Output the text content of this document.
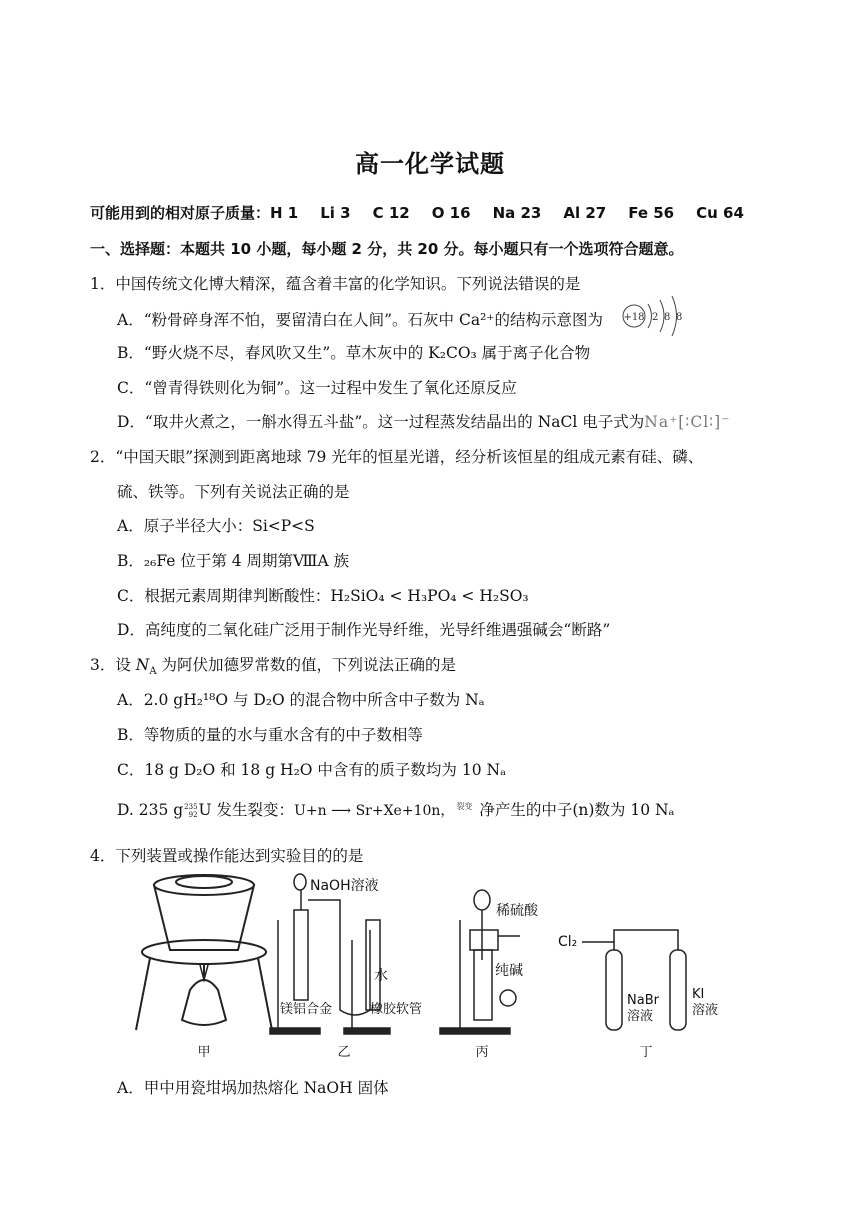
高一化学试题
可能用到的相对原子质量：H 1 Li 3 C 12 O 16 Na 23 Al 27 Fe 56 Cu 64
一、选择题：本题共 10 小题，每小题 2 分，共 20 分。每小题只有一个选项符合题意。
1．中国传统文化博大精深，蕴含着丰富的化学知识。下列说法错误的是
A．“粉骨碎身浑不怕，要留清白在人间”。石灰中 Ca²⁺的结构示意图为 +18 2 8 8
B．“野火烧不尽，春风吹又生”。草木灰中的 K₂CO₃ 属于离子化合物
C．“曾青得铁则化为铜”。这一过程中发生了氧化还原反应
D．“取井火煮之，一斛水得五斗盐”。这一过程蒸发结晶出的 NaCl 电子式为Na⁺[∶Cl∶]⁻
2．“中国天眼”探测到距离地球 79 光年的恒星光谱，经分析该恒星的组成元素有硅、磷、
硫、铁等。下列有关说法正确的是
A．原子半径大小：Si<P<S
B．₂₆Fe 位于第 4 周期第ⅧA 族
C．根据元素周期律判断酸性：H₂SiO₄ < H₃PO₄ < H₂SO₃
D．高纯度的二氧化硅广泛用于制作光导纤维，光导纤维遇强碱会“断路”
3．设 $N_A$ 为阿伏加德罗常数的值，下列说法正确的是
A．2.0 gH₂¹⁸O 与 D₂O 的混合物中所含中子数为 Nₐ
B．等物质的量的水与重水含有的中子数相等
C．18 g D₂O 和 18 g H₂O 中含有的质子数均为 10 Nₐ
D. 235 g235
92U 发生裂变：U+n ⟶ Sr+Xe+10n， $^{裂变}$ 净产生的中子(n)数为 10 Nₐ
4．下列装置或操作能达到实验目的的是
NaOH溶液
水
镁铝合金	橡胶软管
稀硫酸
纯碱
Cl₂
NaBr
溶液
KI
溶液
甲	乙	丙	丁
A．甲中用瓷坩埚加热熔化 NaOH 固体
